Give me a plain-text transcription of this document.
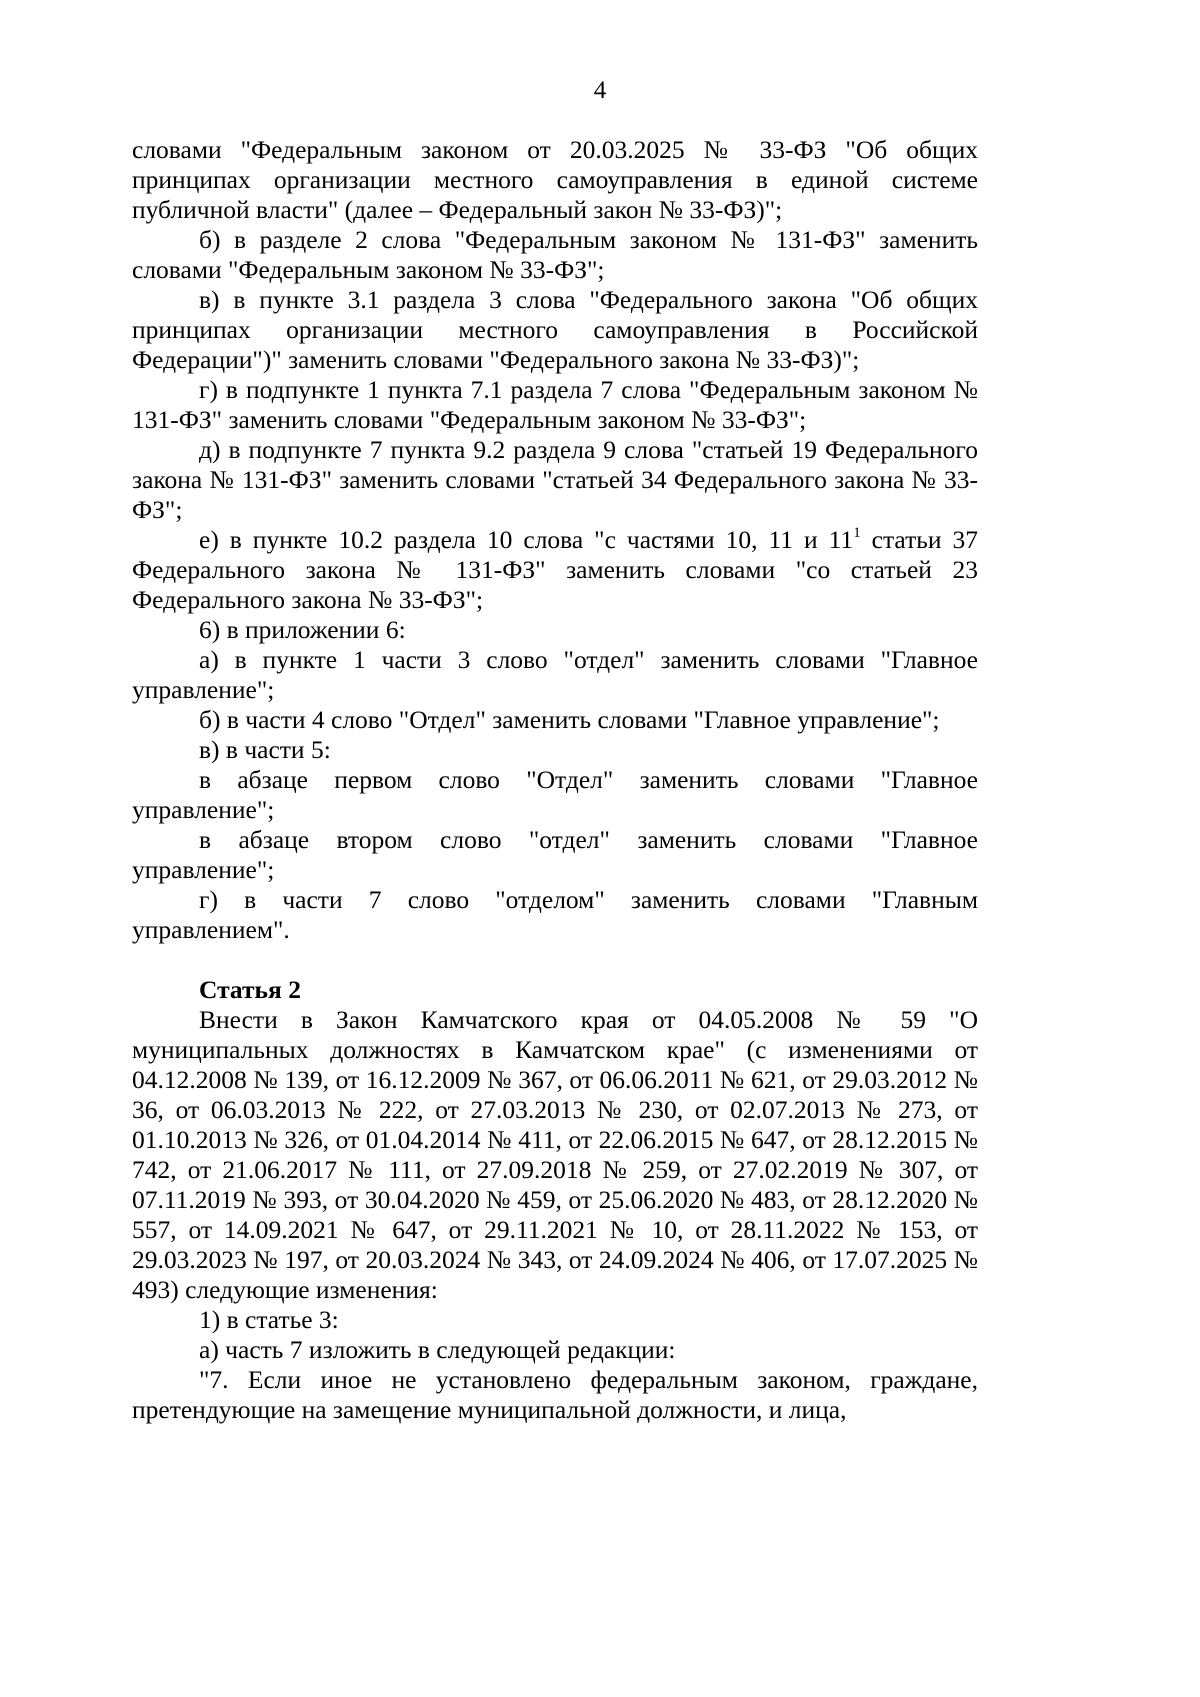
4

словами "Федеральным законом от 20.03.2025 № 33-ФЗ "Об общих принципах организации местного самоуправления в единой системе публичной власти" (далее – Федеральный закон № 33-ФЗ)";

б) в разделе 2 слова "Федеральным законом № 131-ФЗ" заменить словами "Федеральным законом № 33-ФЗ";

в) в пункте 3.1 раздела 3 слова "Федерального закона "Об общих принципах организации местного самоуправления в Российской Федерации")" заменить словами "Федерального закона № 33-ФЗ)";

г) в подпункте 1 пункта 7.1 раздела 7 слова "Федеральным законом № 131-ФЗ" заменить словами "Федеральным законом № 33-ФЗ";

д) в подпункте 7 пункта 9.2 раздела 9 слова "статьей 19 Федерального закона № 131-ФЗ" заменить словами "статьей 34 Федерального закона № 33-ФЗ";

е) в пункте 10.2 раздела 10 слова "с частями 10, 11 и $11^1$ статьи 37 Федерального закона № 131-ФЗ" заменить словами "со статьей 23 Федерального закона № 33-ФЗ";

6) в приложении 6:

а) в пункте 1 части 3 слово "отдел" заменить словами "Главное управление";

б) в части 4 слово "Отдел" заменить словами "Главное управление";

в) в части 5:

в абзаце первом слово "Отдел" заменить словами "Главное управление";

в абзаце втором слово "отдел" заменить словами "Главное управление";

г) в части 7 слово "отделом" заменить словами "Главным управлением".

Статья 2

Внести в Закон Камчатского края от 04.05.2008 № 59 "О муниципальных должностях в Камчатском крае" (с изменениями от 04.12.2008 № 139, от 16.12.2009 № 367, от 06.06.2011 № 621, от 29.03.2012 № 36, от 06.03.2013 № 222, от 27.03.2013 № 230, от 02.07.2013 № 273, от 01.10.2013 № 326, от 01.04.2014 № 411, от 22.06.2015 № 647, от 28.12.2015 № 742, от 21.06.2017 № 111, от 27.09.2018 № 259, от 27.02.2019 № 307, от 07.11.2019 № 393, от 30.04.2020 № 459, от 25.06.2020 № 483, от 28.12.2020 № 557, от 14.09.2021 № 647, от 29.11.2021 № 10, от 28.11.2022 № 153, от 29.03.2023 № 197, от 20.03.2024 № 343, от 24.09.2024 № 406, от 17.07.2025 № 493) следующие изменения:

1) в статье 3:

а) часть 7 изложить в следующей редакции:

"7. Если иное не установлено федеральным законом, граждане, претендующие на замещение муниципальной должности, и лица,
